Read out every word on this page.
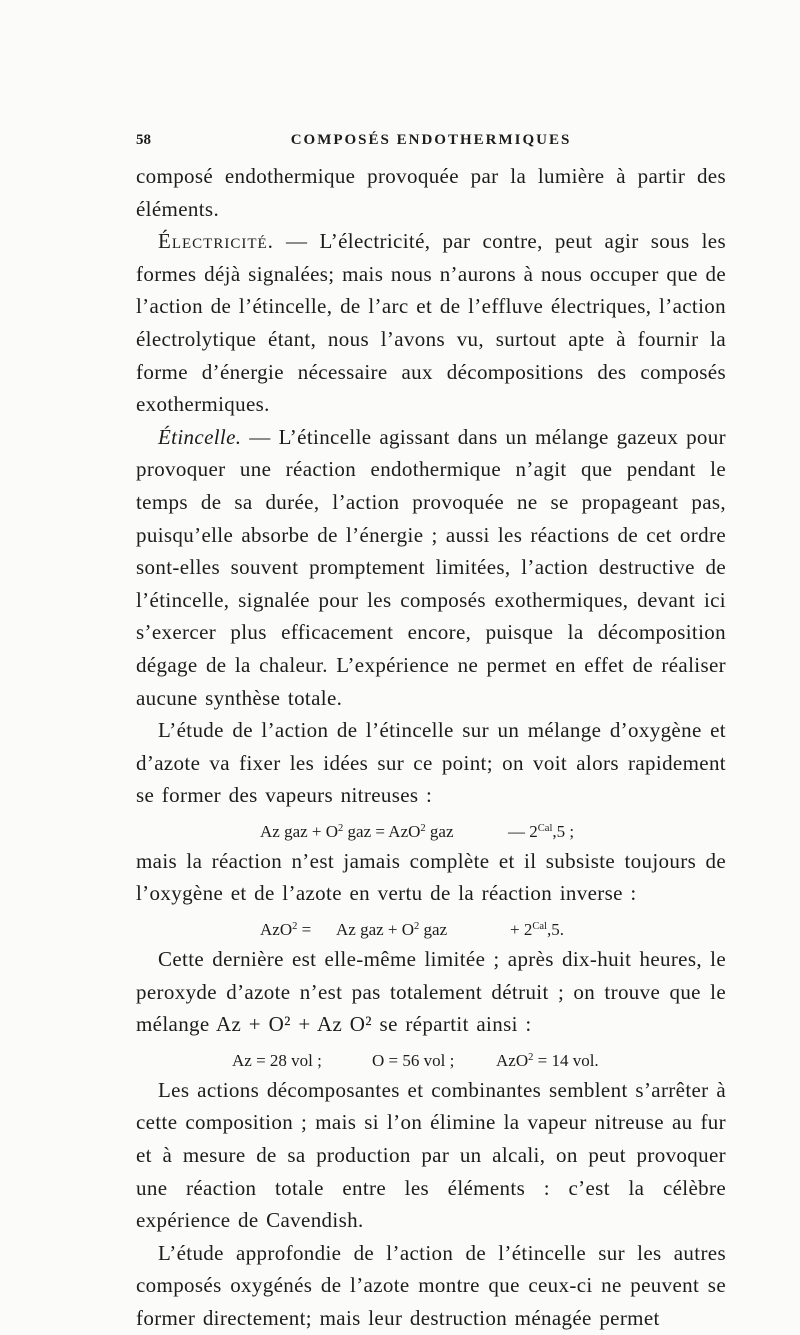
58	COMPOSÉS ENDOTHERMIQUES

composé endothermique provoquée par la lumière à partir des éléments.

Électricité. — L’électricité, par contre, peut agir sous les formes déjà signalées; mais nous n’aurons à nous occuper que de l’action de l’étincelle, de l’arc et de l’effluve électriques, l’action électrolytique étant, nous l’avons vu, surtout apte à fournir la forme d’énergie nécessaire aux décompositions des composés exothermiques.

Étincelle. — L’étincelle agissant dans un mélange gazeux pour provoquer une réaction endothermique n’agit que pendant le temps de sa durée, l’action provoquée ne se propageant pas, puisqu’elle absorbe de l’énergie ; aussi les réactions de cet ordre sont-elles souvent promptement limitées, l’action destructive de l’étincelle, signalée pour les composés exothermiques, devant ici s’exercer plus efficacement encore, puisque la décomposition dégage de la chaleur. L’expérience ne permet en effet de réaliser aucune synthèse totale.

L’étude de l’action de l’étincelle sur un mélange d’oxygène et d’azote va fixer les idées sur ce point; on voit alors rapidement se former des vapeurs nitreuses :

Az gaz + $O^2$ gaz = AzO$^2$ gaz	— $2^{Cal},5$ ;

mais la réaction n’est jamais complète et il subsiste toujours de l’oxygène et de l’azote en vertu de la réaction inverse :

AzO$^2$ = Az gaz + $O^2$ gaz	+ $2^{Cal},5$.

Cette dernière est elle-même limitée ; après dix-huit heures, le peroxyde d’azote n’est pas totalement détruit ; on trouve que le mélange Az + O² + Az O² se répartit ainsi :

Az = 28 vol ;	O = 56 vol ; AzO$^2$ = 14 vol.

Les actions décomposantes et combinantes semblent s’arrêter à cette composition ; mais si l’on élimine la vapeur nitreuse au fur et à mesure de sa production par un alcali, on peut provoquer une réaction totale entre les éléments : c’est la célèbre expérience de Cavendish.

L’étude approfondie de l’action de l’étincelle sur les autres composés oxygénés de l’azote montre que ceux-ci ne peuvent se former directement; mais leur destruction ménagée permet
